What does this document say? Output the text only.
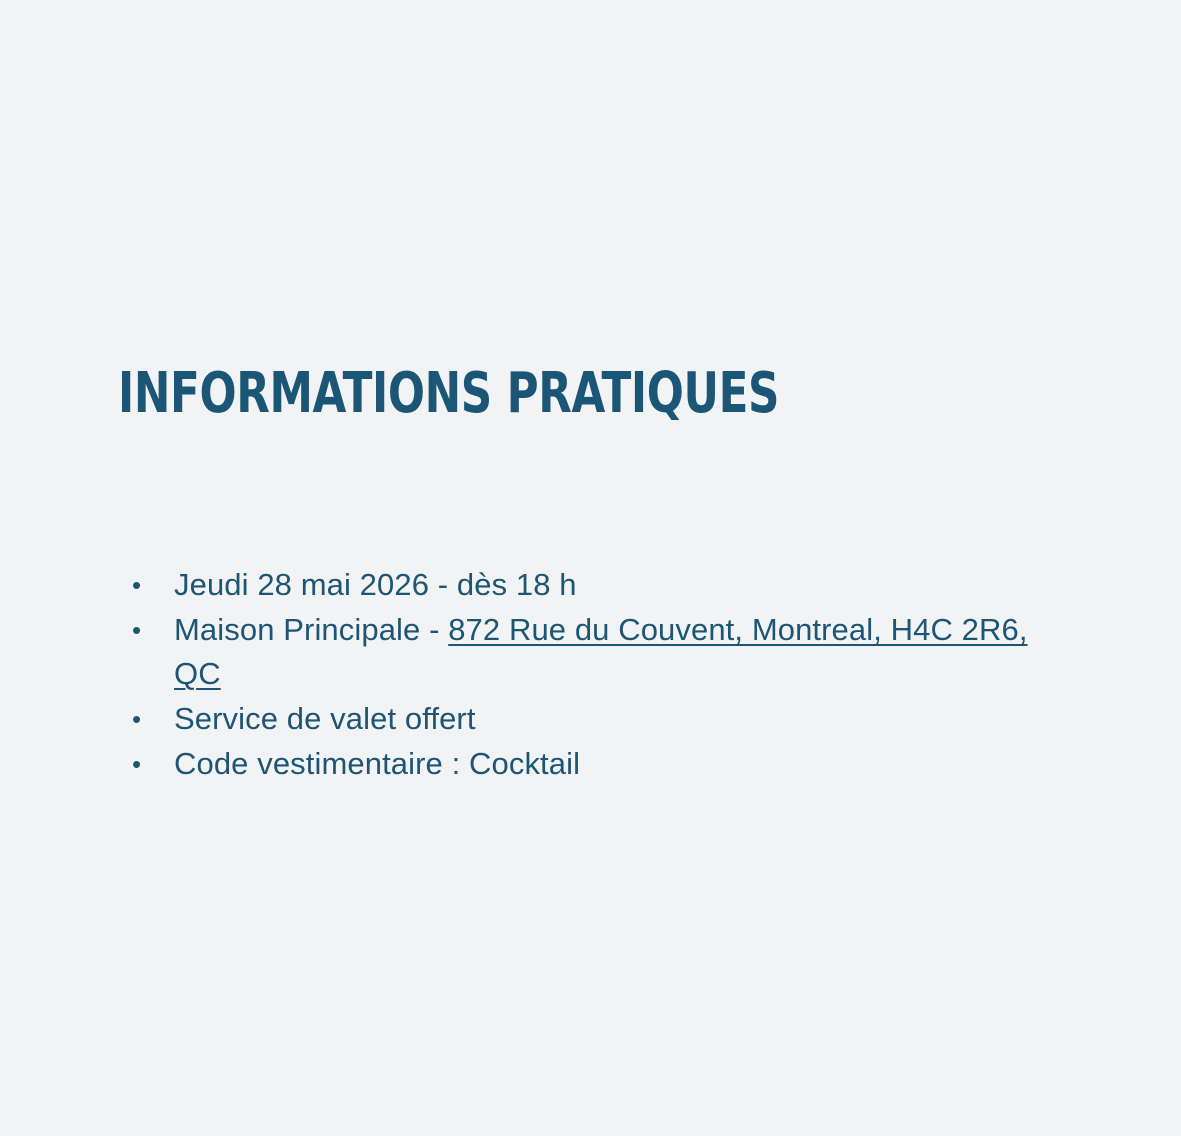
INFORMATIONS PRATIQUES
• Jeudi 28 mai 2026 - dès 18 h
• Maison Principale - 872 Rue du Couvent, Montreal, H4C 2R6, QC
• Service de valet offert
• Code vestimentaire : Cocktail
